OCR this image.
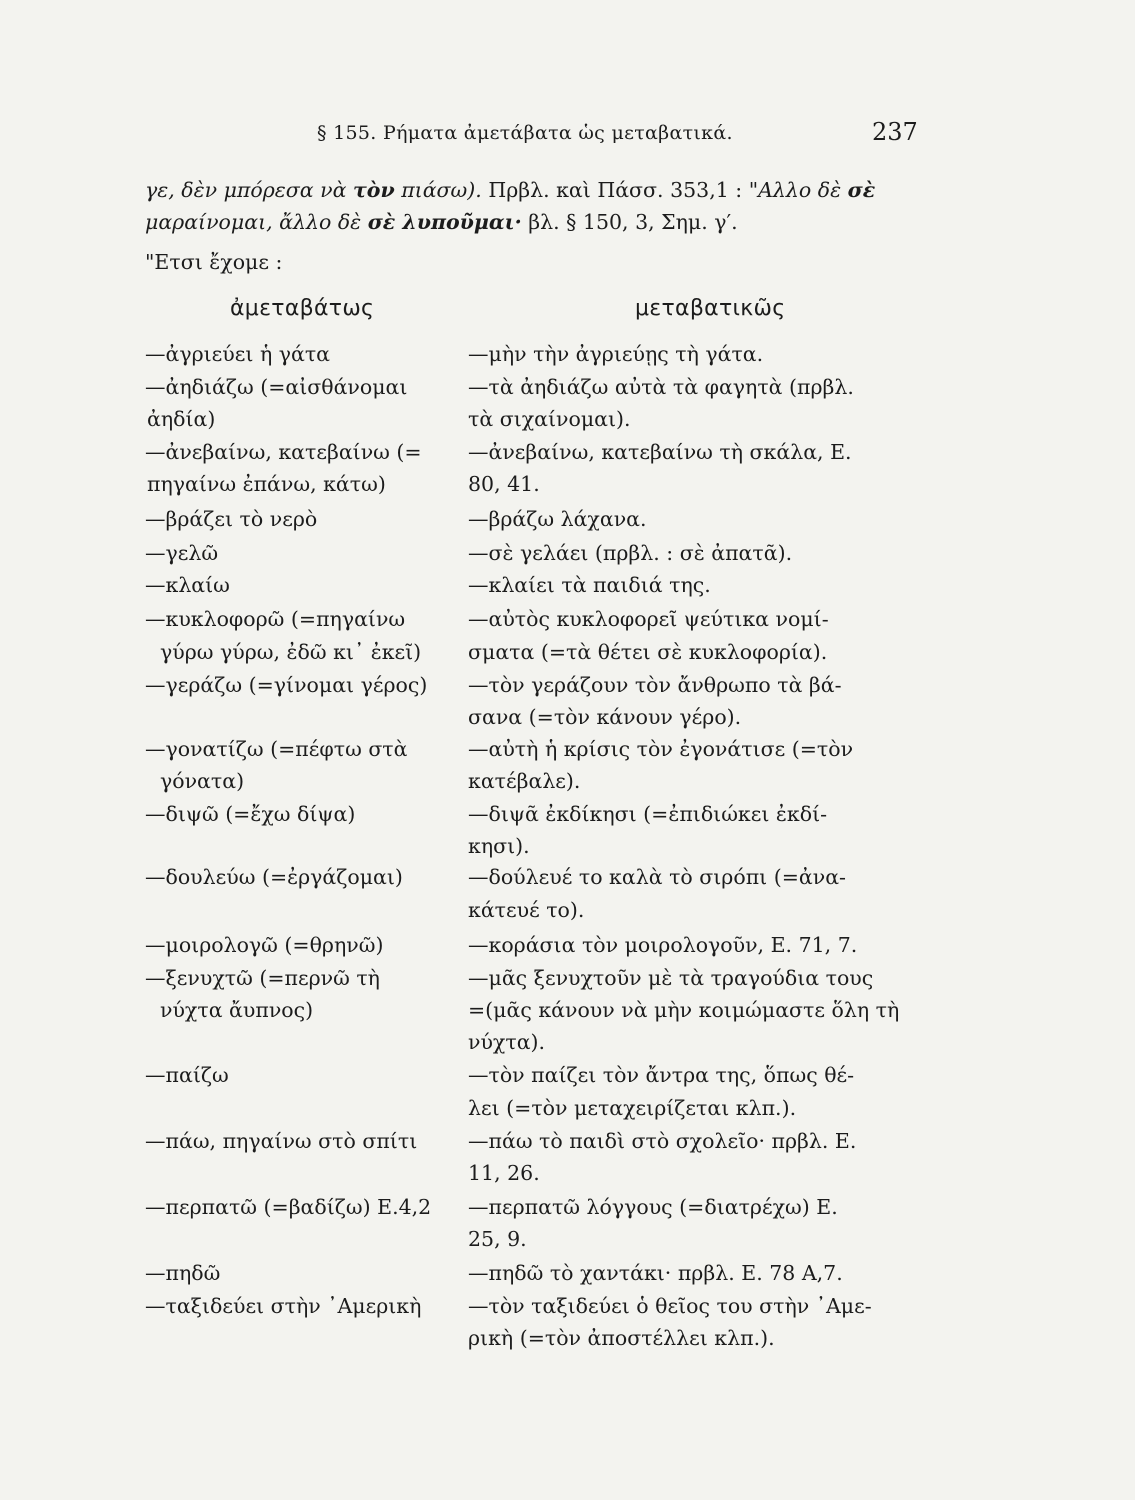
§ 155. Ρήματα ἀμετάβατα ὡς μεταβατικά.	237
γε, δὲν μπόρεσα νὰ τὸν πιάσω). Πρβλ. καὶ Πάσσ. 353,1 : "Αλλο δὲ σὲ
μαραίνομαι, ἄλλο δὲ σὲ λυποῦμαι· βλ. § 150, 3, Σημ. γ′.
"Ετσι ἔχομε :
ἀμεταβάτως	μεταβατικῶς
—ἀγριεύει ἡ γάτα
—ἀηδιάζω (=αἰσθάνομαι
ἀηδία)
—ἀνεβαίνω, κατεβαίνω (=
πηγαίνω ἐπάνω, κάτω)
—βράζει τὸ νερὸ
—γελῶ
—κλαίω
—κυκλοφορῶ (=πηγαίνω
γύρω γύρω, ἐδῶ κι᾿ ἐκεῖ)
—γεράζω (=γίνομαι γέρος)
—γονατίζω (=πέφτω στὰ
γόνατα)
—διψῶ (=ἔχω δίψα)
—δουλεύω (=ἐργάζομαι)
—μοιρολογῶ (=θρηνῶ)
—ξενυχτῶ (=περνῶ τὴ
νύχτα ἄυπνος)
—παίζω
—πάω, πηγαίνω στὸ σπίτι
—περπατῶ (=βαδίζω) Ε.4,2
—πηδῶ
—ταξιδεύει στὴν ᾿Αμερικὴ
—μὴν τὴν ἀγριεύῃς τὴ γάτα.
—τὰ ἀηδιάζω αὐτὰ τὰ φαγητὰ (πρβλ.
τὰ σιχαίνομαι).
—ἀνεβαίνω, κατεβαίνω τὴ σκάλα, Ε.
80, 41.
—βράζω λάχανα.
—σὲ γελάει (πρβλ. : σὲ ἀπατᾶ).
—κλαίει τὰ παιδιά της.
—αὐτὸς κυκλοφορεῖ ψεύτικα νομί-
σματα (=τὰ θέτει σὲ κυκλοφορία).
—τὸν γεράζουν τὸν ἄνθρωπο τὰ βά-
σανα (=τὸν κάνουν γέρο).
—αὐτὴ ἡ κρίσις τὸν ἐγονάτισε (=τὸν
κατέβαλε).
—διψᾶ ἐκδίκησι (=ἐπιδιώκει ἐκδί-
κησι).
—δούλευέ το καλὰ τὸ σιρόπι (=ἀνα-
κάτευέ το).
—κοράσια τὸν μοιρολογοῦν, Ε. 71, 7.
—μᾶς ξενυχτοῦν μὲ τὰ τραγούδια τους
=(μᾶς κάνουν νὰ μὴν κοιμώμαστε ὅλη τὴ
νύχτα).
—τὸν παίζει τὸν ἄντρα της, ὅπως θέ-
λει (=τὸν μεταχειρίζεται κλπ.).
—πάω τὸ παιδὶ στὸ σχολεῖο· πρβλ. Ε.
11, 26.
—περπατῶ λόγγους (=διατρέχω) Ε.
25, 9.
—πηδῶ τὸ χαντάκι· πρβλ. Ε. 78 Α,7.
—τὸν ταξιδεύει ὁ θεῖος του στὴν ᾿Αμε-
ρικὴ (=τὸν ἀποστέλλει κλπ.).
